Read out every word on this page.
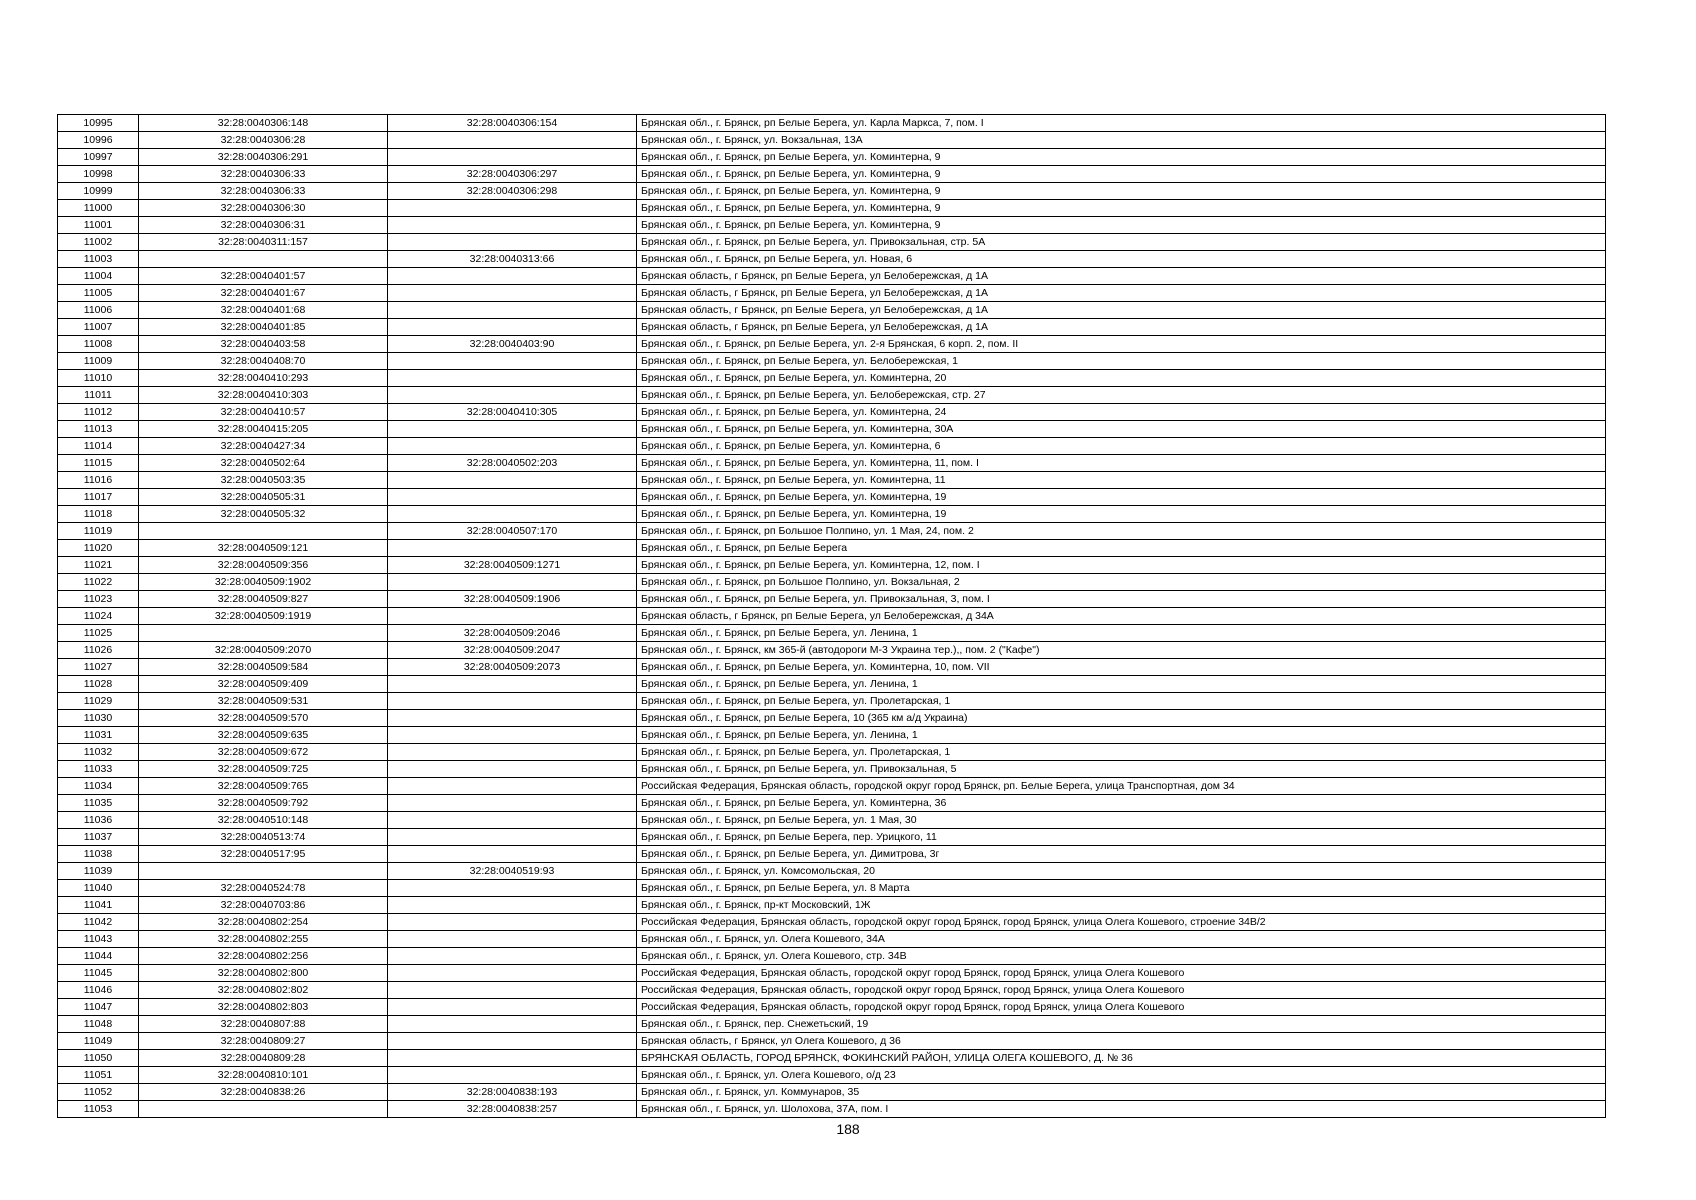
10995	32:28:0040306:148	32:28:0040306:154	Брянская обл., г. Брянск, рп Белые Берега, ул. Карла Маркса, 7, пом. I
10996	32:28:0040306:28		Брянская обл., г. Брянск, ул. Вокзальная, 13А
10997	32:28:0040306:291		Брянская обл., г. Брянск, рп Белые Берега, ул. Коминтерна, 9
10998	32:28:0040306:33	32:28:0040306:297	Брянская обл., г. Брянск, рп Белые Берега, ул. Коминтерна, 9
10999	32:28:0040306:33	32:28:0040306:298	Брянская обл., г. Брянск, рп Белые Берега, ул. Коминтерна, 9
11000	32:28:0040306:30		Брянская обл., г. Брянск, рп Белые Берега, ул. Коминтерна, 9
11001	32:28:0040306:31		Брянская обл., г. Брянск, рп Белые Берега, ул. Коминтерна, 9
11002	32:28:0040311:157		Брянская обл., г. Брянск, рп Белые Берега, ул. Привокзальная, стр. 5А
11003		32:28:0040313:66	Брянская обл., г. Брянск, рп Белые Берега, ул. Новая, 6
11004	32:28:0040401:57		Брянская область, г Брянск, рп Белые Берега, ул Белобережская, д 1А
11005	32:28:0040401:67		Брянская область, г Брянск, рп Белые Берега, ул Белобережская, д 1А
11006	32:28:0040401:68		Брянская область, г Брянск, рп Белые Берега, ул Белобережская, д 1А
11007	32:28:0040401:85		Брянская область, г Брянск, рп Белые Берега, ул Белобережская, д 1А
11008	32:28:0040403:58	32:28:0040403:90	Брянская обл., г. Брянск, рп Белые Берега, ул. 2-я Брянская, 6 корп. 2, пом. II
11009	32:28:0040408:70		Брянская обл., г. Брянск, рп Белые Берега, ул. Белобережская, 1
11010	32:28:0040410:293		Брянская обл., г. Брянск, рп Белые Берега, ул. Коминтерна, 20
11011	32:28:0040410:303		Брянская обл., г. Брянск, рп Белые Берега, ул. Белобережская, стр. 27
11012	32:28:0040410:57	32:28:0040410:305	Брянская обл., г. Брянск, рп Белые Берега, ул. Коминтерна, 24
11013	32:28:0040415:205		Брянская обл., г. Брянск, рп Белые Берега, ул. Коминтерна, 30А
11014	32:28:0040427:34		Брянская обл., г. Брянск, рп Белые Берега, ул. Коминтерна, 6
11015	32:28:0040502:64	32:28:0040502:203	Брянская обл., г. Брянск, рп Белые Берега, ул. Коминтерна, 11, пом. I
11016	32:28:0040503:35		Брянская обл., г. Брянск, рп Белые Берега, ул. Коминтерна, 11
11017	32:28:0040505:31		Брянская обл., г. Брянск, рп Белые Берега, ул. Коминтерна, 19
11018	32:28:0040505:32		Брянская обл., г. Брянск, рп Белые Берега, ул. Коминтерна, 19
11019		32:28:0040507:170	Брянская обл., г. Брянск, рп Большое Полпино, ул. 1 Мая, 24, пом. 2
11020	32:28:0040509:121		Брянская обл., г. Брянск, рп Белые Берега
11021	32:28:0040509:356	32:28:0040509:1271	Брянская обл., г. Брянск, рп Белые Берега, ул. Коминтерна, 12, пом. I
11022	32:28:0040509:1902		Брянская обл., г. Брянск, рп Большое Полпино, ул. Вокзальная, 2
11023	32:28:0040509:827	32:28:0040509:1906	Брянская обл., г. Брянск, рп Белые Берега, ул. Привокзальная, 3, пом. I
11024	32:28:0040509:1919		Брянская область, г Брянск, рп Белые Берега, ул Белобережская, д 34А
11025		32:28:0040509:2046	Брянская обл., г. Брянск, рп Белые Берега, ул. Ленина, 1
11026	32:28:0040509:2070	32:28:0040509:2047	Брянская обл., г. Брянск, км 365-й (автодороги М-3 Украина тер.),, пом. 2 ("Кафе")
11027	32:28:0040509:584	32:28:0040509:2073	Брянская обл., г. Брянск, рп Белые Берега, ул. Коминтерна, 10, пом. VII
11028	32:28:0040509:409		Брянская обл., г. Брянск, рп Белые Берега, ул. Ленина, 1
11029	32:28:0040509:531		Брянская обл., г. Брянск, рп Белые Берега, ул. Пролетарская, 1
11030	32:28:0040509:570		Брянская обл., г. Брянск, рп Белые Берега, 10 (365 км а/д Украина)
11031	32:28:0040509:635		Брянская обл., г. Брянск, рп Белые Берега, ул. Ленина, 1
11032	32:28:0040509:672		Брянская обл., г. Брянск, рп Белые Берега, ул. Пролетарская, 1
11033	32:28:0040509:725		Брянская обл., г. Брянск, рп Белые Берега, ул. Привокзальная, 5
11034	32:28:0040509:765		Российская Федерация, Брянская область, городской округ город Брянск, рп. Белые Берега, улица Транспортная, дом 34
11035	32:28:0040509:792		Брянская обл., г. Брянск, рп Белые Берега, ул. Коминтерна, 36
11036	32:28:0040510:148		Брянская обл., г. Брянск, рп Белые Берега, ул. 1 Мая, 30
11037	32:28:0040513:74		Брянская обл., г. Брянск, рп Белые Берега, пер. Урицкого, 11
11038	32:28:0040517:95		Брянская обл., г. Брянск, рп Белые Берега, ул. Димитрова, 3г
11039		32:28:0040519:93	Брянская обл., г. Брянск, ул. Комсомольская, 20
11040	32:28:0040524:78		Брянская обл., г. Брянск, рп Белые Берега, ул. 8 Марта
11041	32:28:0040703:86		Брянская обл., г. Брянск, пр-кт Московский, 1Ж
11042	32:28:0040802:254		Российская Федерация, Брянская область, городской округ город Брянск, город Брянск, улица Олега Кошевого, строение 34В/2
11043	32:28:0040802:255		Брянская обл., г. Брянск, ул. Олега Кошевого, 34А
11044	32:28:0040802:256		Брянская обл., г. Брянск, ул. Олега Кошевого, стр. 34В
11045	32:28:0040802:800		Российская Федерация, Брянская область, городской округ город Брянск, город Брянск, улица Олега Кошевого
11046	32:28:0040802:802		Российская Федерация, Брянская область, городской округ город Брянск, город Брянск, улица Олега Кошевого
11047	32:28:0040802:803		Российская Федерация, Брянская область, городской округ город Брянск, город Брянск, улица Олега Кошевого
11048	32:28:0040807:88		Брянская обл., г. Брянск, пер. Снежетьский, 19
11049	32:28:0040809:27		Брянская область, г Брянск, ул Олега Кошевого, д 36
11050	32:28:0040809:28		БРЯНСКАЯ ОБЛАСТЬ, ГОРОД БРЯНСК, ФОКИНСКИЙ РАЙОН, УЛИЦА ОЛЕГА КОШЕВОГО, Д. № 36
11051	32:28:0040810:101		Брянская обл., г. Брянск, ул. Олега Кошевого, о/д 23
11052	32:28:0040838:26	32:28:0040838:193	Брянская обл., г. Брянск, ул. Коммунаров, 35
11053		32:28:0040838:257	Брянская обл., г. Брянск, ул. Шолохова, 37А, пом. I
188
